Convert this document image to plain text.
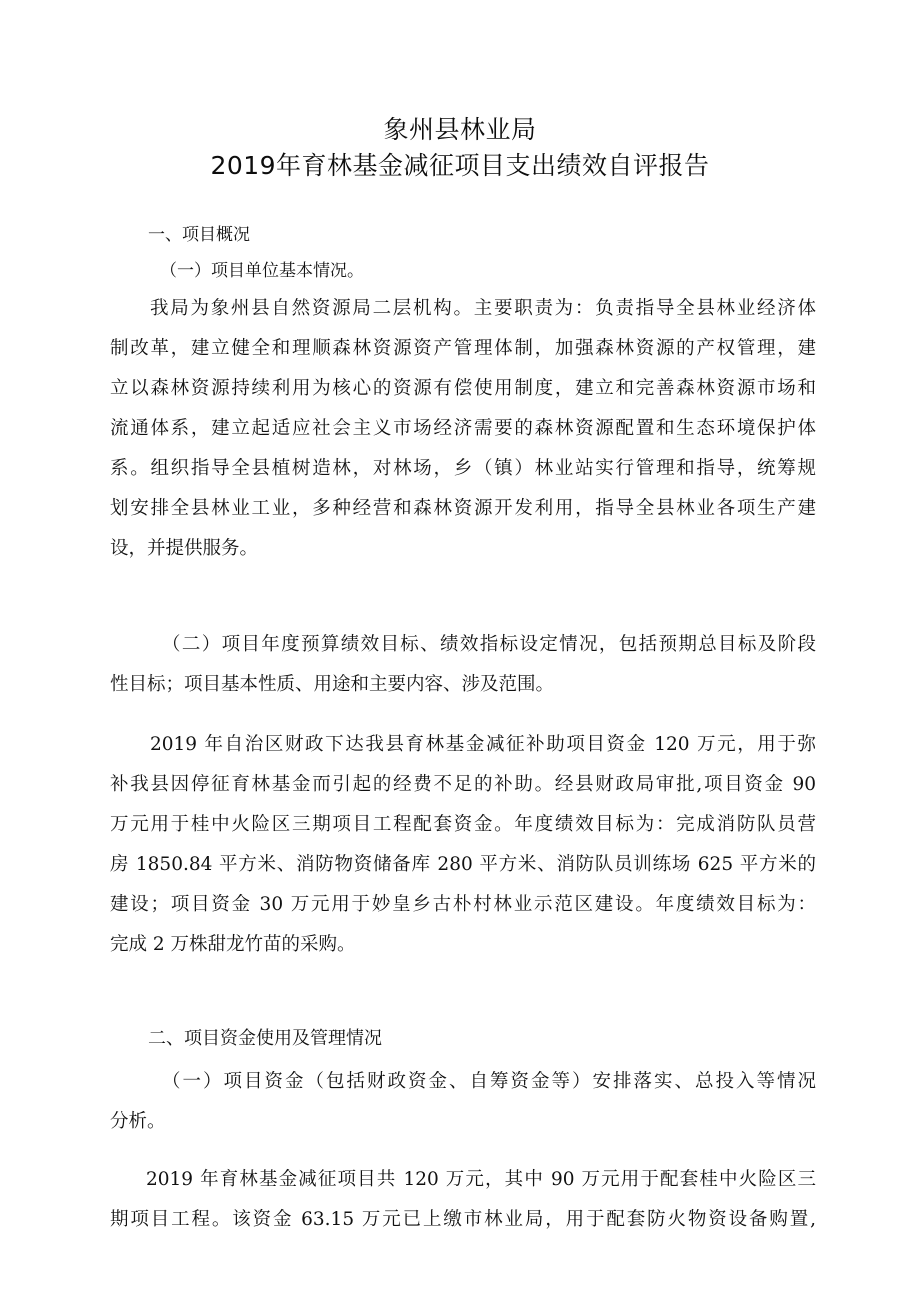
象州县林业局
2019年育林基金减征项目支出绩效自评报告
一、项目概况
（一）项目单位基本情况。
我局为象州县自然资源局二层机构。主要职责为：负责指导全县林业经济体
制改革，建立健全和理顺森林资源资产管理体制，加强森林资源的产权管理，建
立以森林资源持续利用为核心的资源有偿使用制度，建立和完善森林资源市场和
流通体系，建立起适应社会主义市场经济需要的森林资源配置和生态环境保护体
系。组织指导全县植树造林，对林场，乡（镇）林业站实行管理和指导，统筹规
划安排全县林业工业，多种经营和森林资源开发利用，指导全县林业各项生产建
设，并提供服务。
（二）项目年度预算绩效目标、绩效指标设定情况，包括预期总目标及阶段
性目标；项目基本性质、用途和主要内容、涉及范围。
2019 年自治区财政下达我县育林基金减征补助项目资金 120 万元，用于弥
补我县因停征育林基金而引起的经费不足的补助。经县财政局审批,项目资金 90
万元用于桂中火险区三期项目工程配套资金。年度绩效目标为：完成消防队员营
房 1850.84 平方米、消防物资储备库 280 平方米、消防队员训练场 625 平方米的
建设；项目资金 30 万元用于妙皇乡古朴村林业示范区建设。年度绩效目标为：
完成 2 万株甜龙竹苗的采购。
二、项目资金使用及管理情况
（一）项目资金（包括财政资金、自筹资金等）安排落实、总投入等情况
分析。
2019 年育林基金减征项目共 120 万元，其中 90 万元用于配套桂中火险区三
期项目工程。该资金 63.15 万元已上缴市林业局，用于配套防火物资设备购置,
